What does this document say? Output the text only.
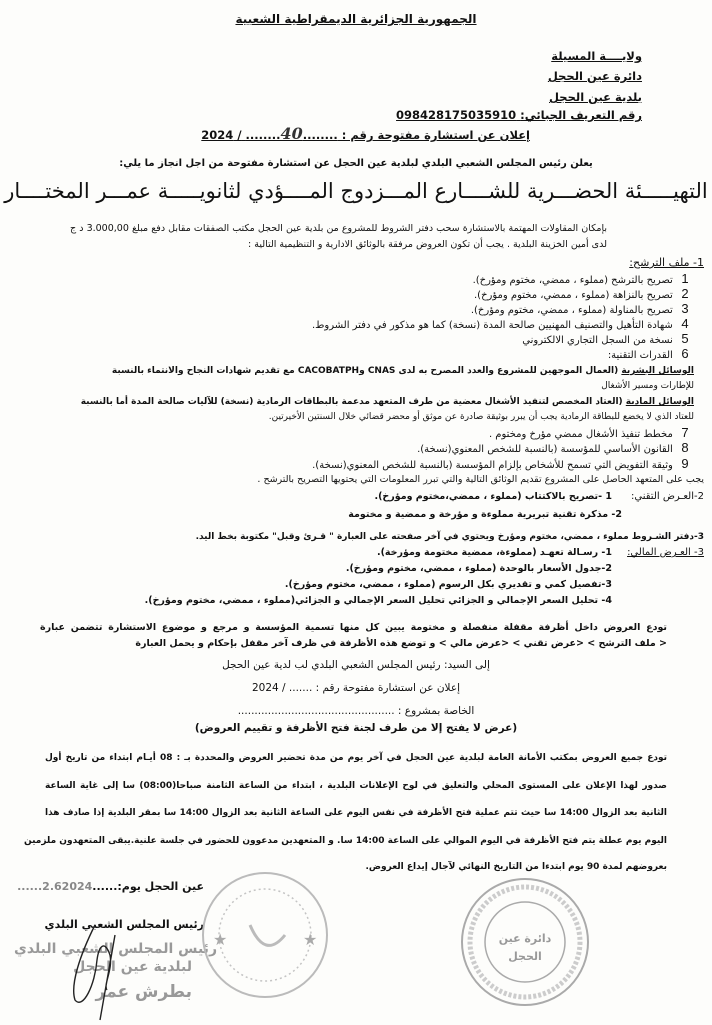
الجمهورية الجزائرية الديمقراطية الشعبية
ولايــــة المسيلة
دائرة عين الحجل
بلدية عين الحجل
رقم التعريف الجبائي: 098428175035910
إعلان عن استشارة مفتوحة رقم : ........40........ / 2024
يعلن رئيس المجلس الشعبي البلدي لبلدية عين الحجل عن استشارة مفتوحة من اجل انجاز ما يلي:
التهيـــــئة الحضـــرية للشــــارع المـــزدوج المــــؤدي لثانويـــــة عمـــر المختــــار
بإمكان المقاولات المهتمة بالاستشارة سحب دفتر الشروط للمشروع من بلدية عين الحجل مكتب الصفقات مقابل دفع مبلغ 3.000,00 د ج
لدى أمين الخزينة البلدية . يجب أن تكون العروض مرفقة بالوثائق الادارية و التنظيمية التالية :
1- ملف الترشح:
1 تصريح بالترشح (مملوء ، ممضي، مختوم ومؤرخ).
2 تصريح بالنزاهة (مملوء ، ممضي، مختوم ومؤرخ).
3 تصريح بالمناولة (مملوء ، ممضي، مختوم ومؤرخ).
4 شهادة التأهيل والتصنيف المهنيين صالحة المدة (نسخة) كما هو مذكور في دفتر الشروط.
5 نسخة من السجل التجاري الالكتروني
6 القدرات التقنية:
الوسائل البشرية (العمال الموجهين للمشروع والعدد المصرح به لدى CNAS وCACOBATPH مع تقديم شهادات النجاح والانتماء بالنسبة
للإطارات ومسير الأشغال
الوسائل المادية (العتاد المخصص لتنفيذ الأشغال معضية من طرف المتعهد مدعمة بالبطاقات الرمادية (نسخة) للآليات صالحة المدة أما بالنسبة
للعتاد الذي لا يخضع للبطاقة الرمادية يجب أن يبرر بوثيقة صادرة عن موثق أو محضر قضائي خلال السنتين الأخيرتين.
7 مخطط تنفيذ الأشغال ممضي مؤرخ ومختوم .
8 القانون الأساسي للمؤسسة (بالنسبة للشخص المعنوي(نسخة).
9 وثيقة التفويض التي تسمح للأشخاص بإلزام المؤسسة (بالنسبة للشخص المعنوي(نسخة).
يجب على المتعهد الحاصل على المشروع تقديم الوثائق التالية والتي تبرر المعلومات التي يحتويها التصريح بالترشح .
2-العـرض التقني:
1 -تصريح بالاكتتاب (مملوء ، ممضي،مختوم ومؤرخ).
2- مذكرة تقنية تبريرية مملوءة و مؤرخة و ممضية و مختومة
3-دفتر الشـروط مملوء ، ممضي، مختوم ومؤرخ ويحتوي في آخر صفحته على العبارة " قـرئ وقبل" مكتوبة بخط اليد.
3- العـرض المالي:
1- رسـالة تعهـد (مملوءة، ممضية مختومة ومؤرخة).
2-جدول الأسعار بالوحدة (مملوء ، ممضي، مختوم ومؤرخ).
3-تفصيل كمي و تقديري بكل الرسوم (مملوء ، ممضي، مختوم ومؤرخ).
4- تحليل السعر الإجمالي و الجزائي تحليل السعر الإجمالي و الجزائي(مملوء ، ممضي، مختوم ومؤرخ).
تودع العروض داخل أظرفة مقفلة منفصلة و مختومة يبين كل منها تسمية المؤسسة و مرجع و موضوع الاستشارة تتضمن عبارة
< ملف الترشح > <عرض تقني > <عرض مالي > و توضع هذه الأظرفة في ظرف آخر مقفل بإحكام و يحمل العبارة
إلى السيد: رئيس المجلس الشعبي البلدي لب لدية عين الحجل
إعلان عن استشارة مفتوحة رقم : ....... / 2024
الخاصة بمشروع : ...............................................
(عرض لا يفتح إلا من طرف لجنة فتح الأظرفة و تقييم العروض)
تودع جميع العروض بمكتب الأمانة العامة لبلدية عين الحجل في آخر يوم من مدة تحضير العروض والمحددة بـ : 08 أيـام ابتداء من تاريخ أول
صدور لهذا الإعلان على المستوى المحلي والتعليق في لوح الإعلانات البلدية ، ابتداء من الساعة الثامنة صباحا(08:00) سا إلى غاية الساعة
الثانية بعد الزوال 14:00 سا حيث تتم عملية فتح الأظرفة في نفس اليوم على الساعة الثانية بعد الزوال 14:00 سا بمقر البلدية إذا صادف هذا
اليوم يوم عطلة يتم فتح الأظرفة في اليوم الموالي على الساعة 14:00 سا. و المتعهدين مدعوون للحضور في جلسة علنية.يبقى المتعهدون ملزمين
بعروضهم لمدة 90 يوم ابتدءا من التاريخ النهائي لآجال إيداع العروض.
عين الحجل يوم:......2.62024......
رئيس المجلس الشعبي البلدي
رئيس المجلس الشعبي البلدي
لبلدية عين الحجل
بطرش عمر
★	★	دائرة عين الحجل
